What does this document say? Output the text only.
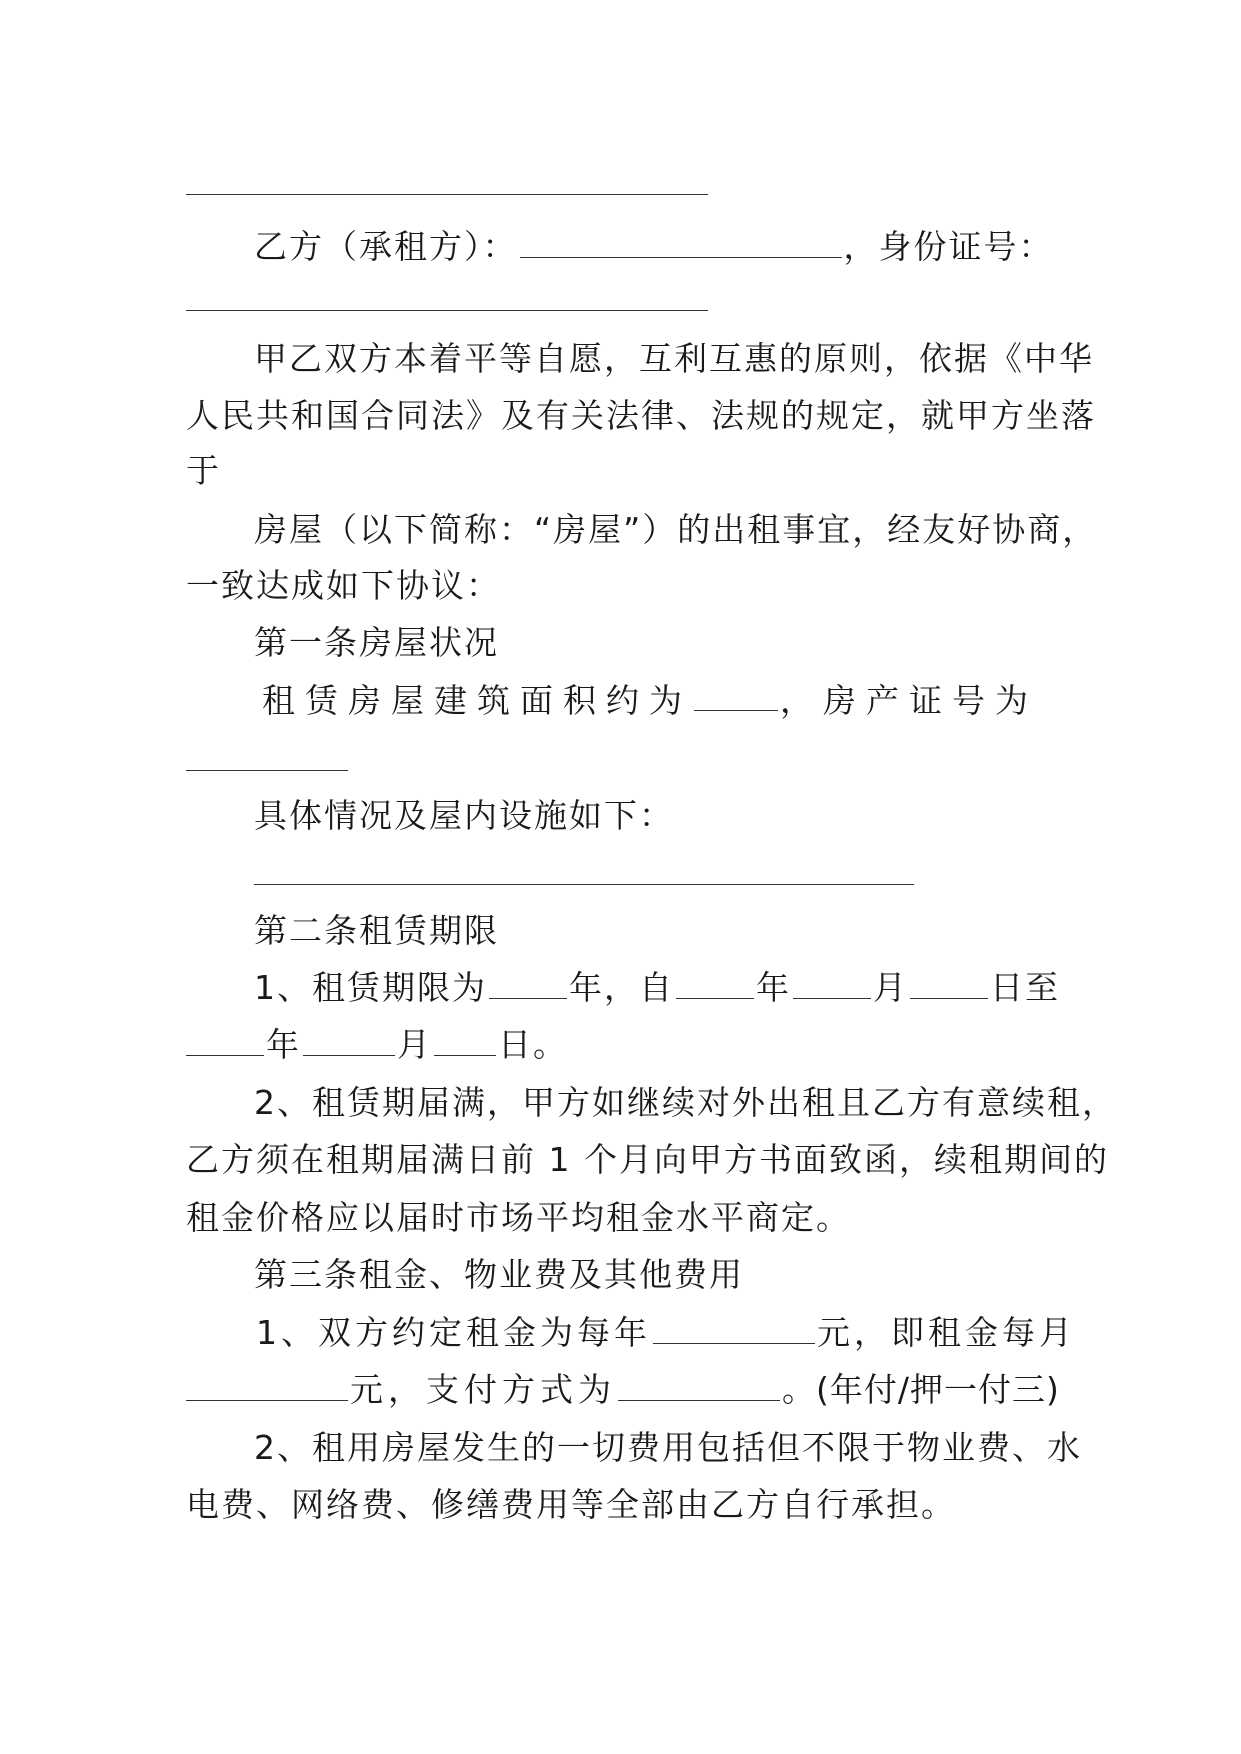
乙方（承租方）：	，身份证号：

甲乙双方本着平等自愿，互利互惠的原则，依据《中华

人民共和国合同法》及有关法律、法规的规定，就甲方坐落

于

房屋（以下简称：“房屋”）的出租事宜，经友好协商，

一致达成如下协议：

第一条房屋状况

租赁房屋建筑面积约为	，房产证号为

具体情况及屋内设施如下：

第二条租赁期限

1、租赁期限为 年，自 年 月 日至

年	月 日。

2、租赁期届满，甲方如继续对外出租且乙方有意续租，

乙方须在租期届满日前 1 个月向甲方书面致函，续租期间的

租金价格应以届时市场平均租金水平商定。

第三条租金、物业费及其他费用

1、双方约定租金为每年	元，即租金每月

元，支付方式为	。(年付/押一付三)

2、租用房屋发生的一切费用包括但不限于物业费、水

电费、网络费、修缮费用等全部由乙方自行承担。
